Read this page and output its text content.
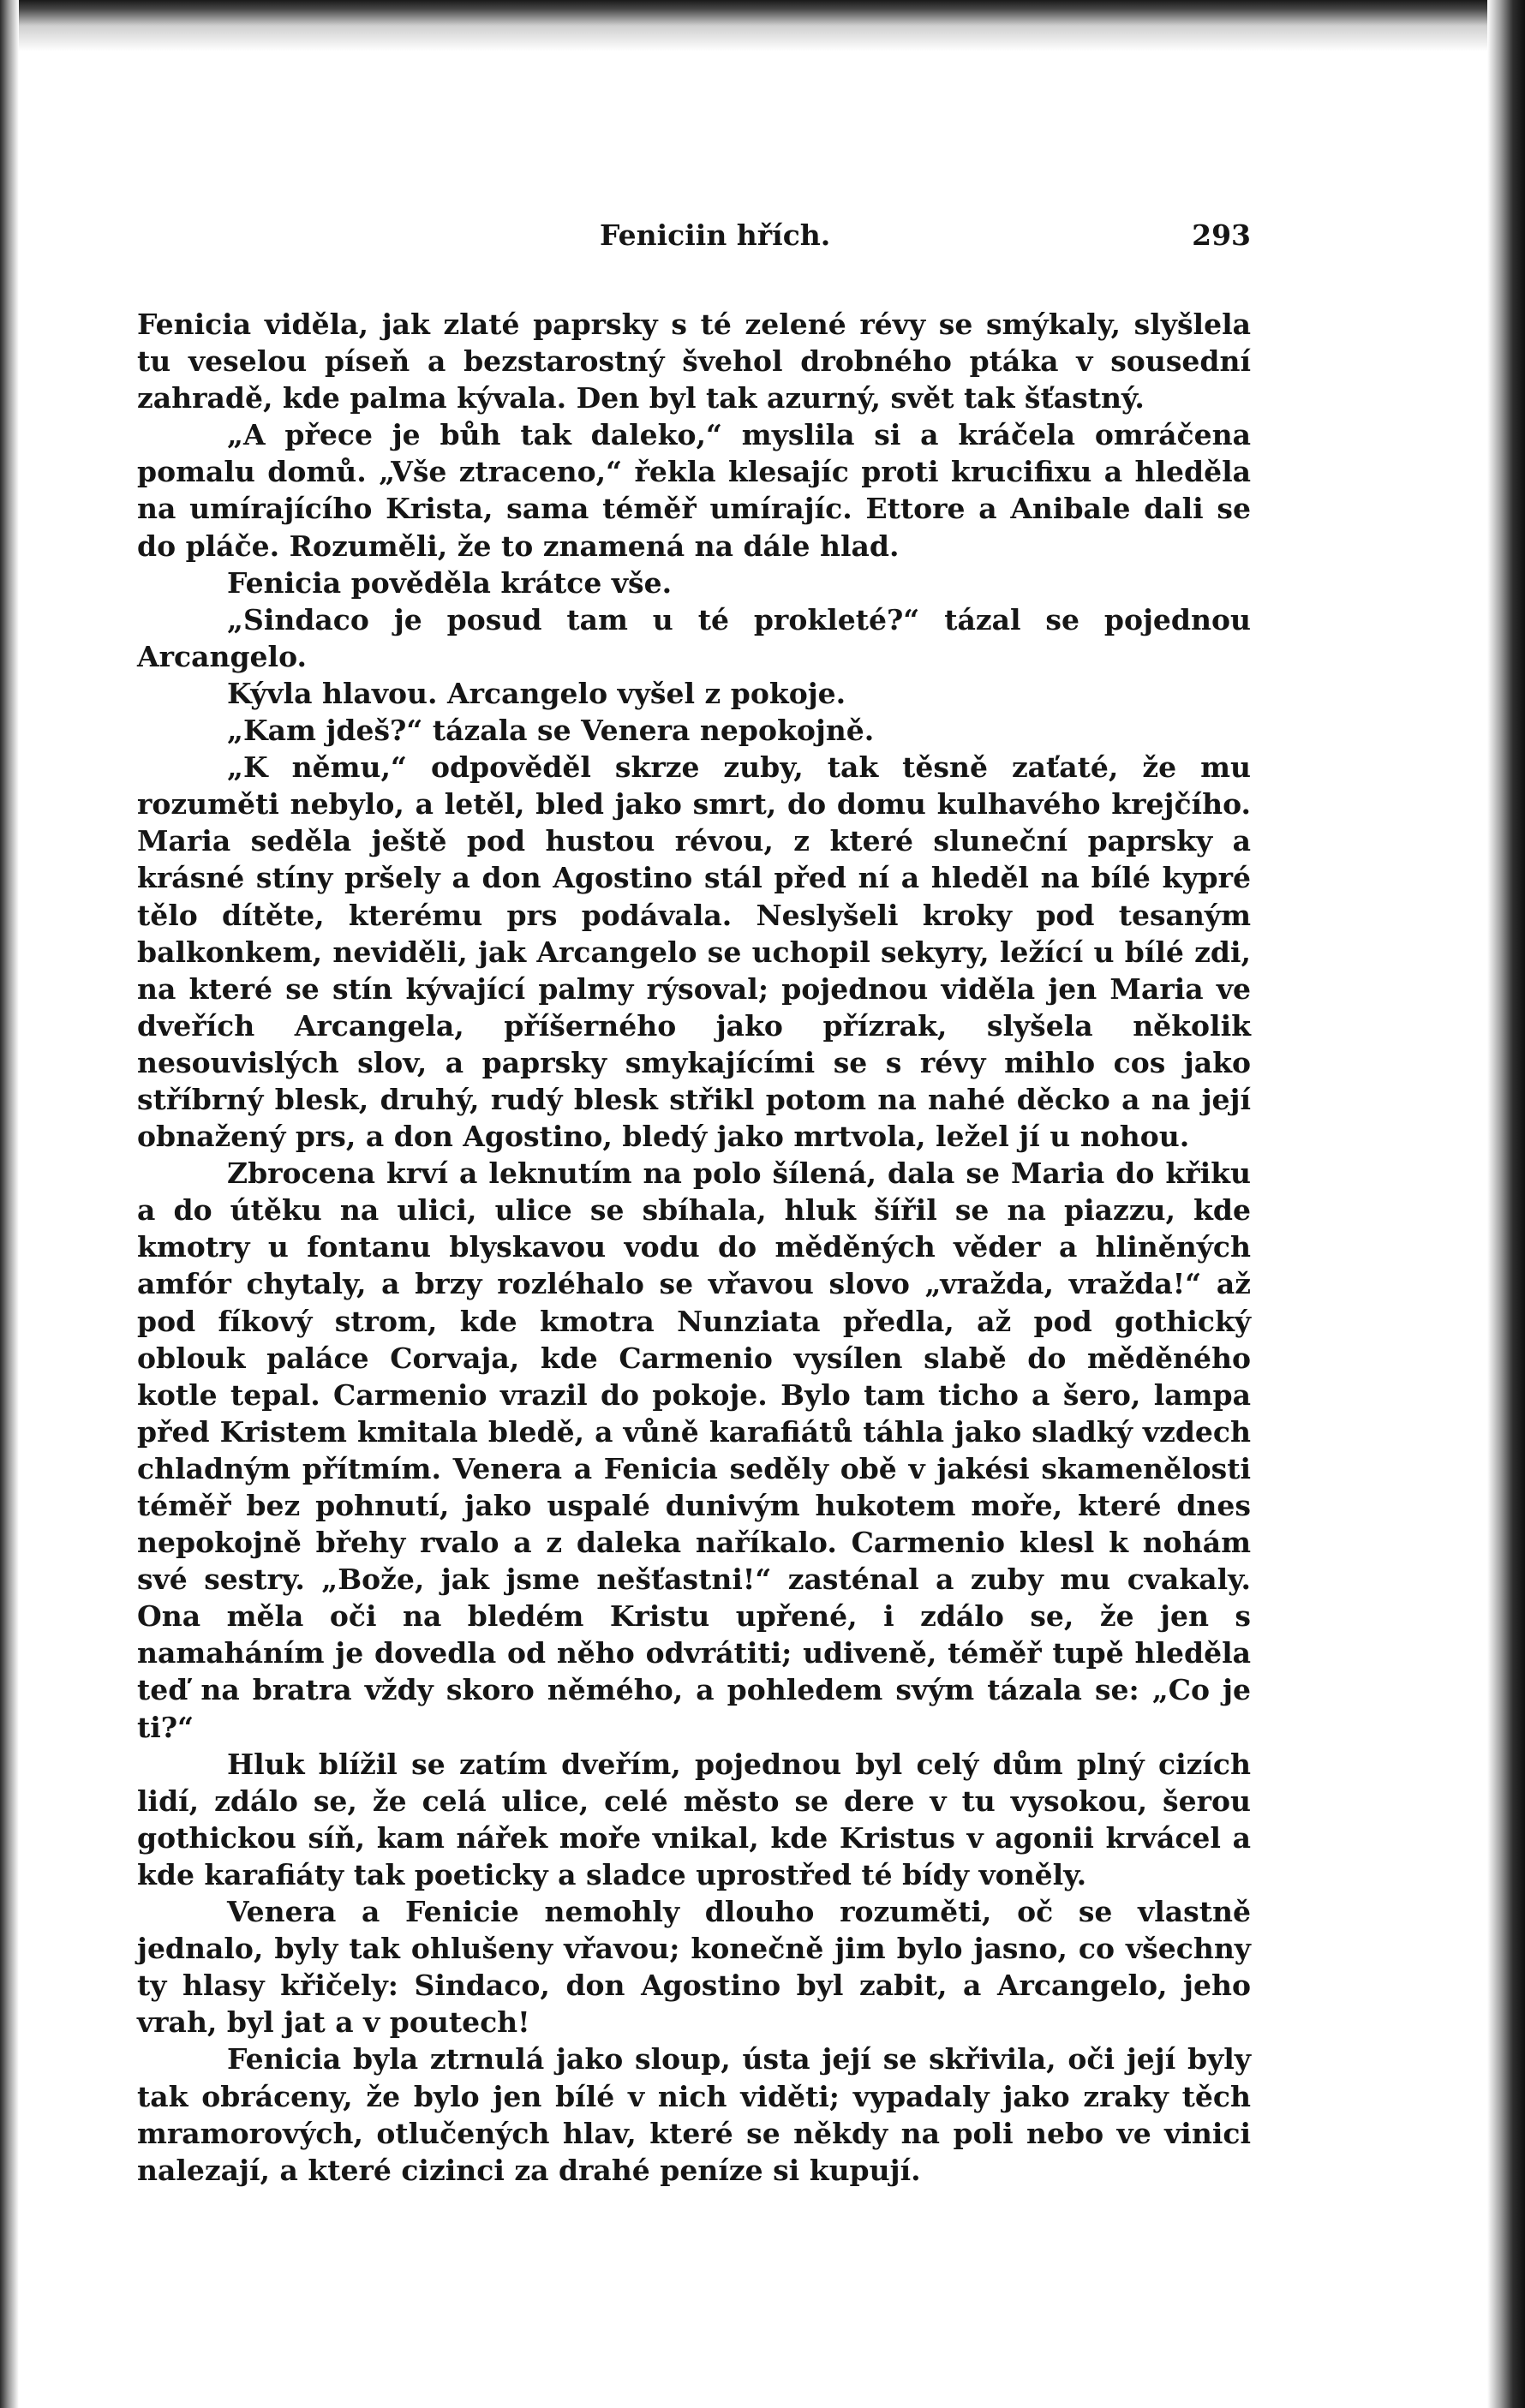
Feniciin hřích.	293

Fenicia viděla, jak zlaté paprsky s té zelené révy se smýkaly, slyšlela tu veselou píseň a bezstarostný švehol drobného ptáka v sousední zahradě, kde palma kývala. Den byl tak azurný, svět tak šťastný.

„A přece je bůh tak daleko,“ myslila si a kráčela omráčena pomalu domů. „Vše ztraceno,“ řekla klesajíc proti krucifixu a hleděla na umírajícího Krista, sama téměř umírajíc. Ettore a Anibale dali se do pláče. Rozuměli, že to znamená na dále hlad.

Fenicia pověděla krátce vše.

„Sindaco je posud tam u té prokleté?“ tázal se pojednou Arcangelo.

Kývla hlavou. Arcangelo vyšel z pokoje.

„Kam jdeš?“ tázala se Venera nepokojně.

„K němu,“ odpověděl skrze zuby, tak těsně zaťaté, že mu rozuměti nebylo, a letěl, bled jako smrt, do domu kulhavého krejčího. Maria seděla ještě pod hustou révou, z které sluneční paprsky a krásné stíny pršely a don Agostino stál před ní a hleděl na bílé kypré tělo dítěte, kterému prs podávala. Neslyšeli kroky pod tesaným balkonkem, neviděli, jak Arcangelo se uchopil sekyry, ležící u bílé zdi, na které se stín kývající palmy rýsoval; pojednou viděla jen Maria ve dveřích Arcangela, příšerného jako přízrak, slyšela několik nesouvislých slov, a paprsky smykajícími se s révy mihlo cos jako stříbrný blesk, druhý, rudý blesk střikl potom na nahé děcko a na její obnažený prs, a don Agostino, bledý jako mrtvola, ležel jí u nohou.

Zbrocena krví a leknutím na polo šílená, dala se Maria do křiku a do útěku na ulici, ulice se sbíhala, hluk šířil se na piazzu, kde kmotry u fontanu blyskavou vodu do měděných věder a hliněných amfór chytaly, a brzy rozléhalo se vřavou slovo „vražda, vražda!“ až pod fíkový strom, kde kmotra Nunziata předla, až pod gothický oblouk paláce Corvaja, kde Carmenio vysílen slabě do měděného kotle tepal. Carmenio vrazil do pokoje. Bylo tam ticho a šero, lampa před Kristem kmitala bledě, a vůně karafiátů táhla jako sladký vzdech chladným přítmím. Venera a Fenicia seděly obě v jakési skamenělosti téměř bez pohnutí, jako uspalé dunivým hukotem moře, které dnes nepokojně břehy rvalo a z daleka naříkalo. Carmenio klesl k nohám své sestry. „Bože, jak jsme nešťastni!“ zasténal a zuby mu cvakaly. Ona měla oči na bledém Kristu upřené, i zdálo se, že jen s namaháním je dovedla od něho odvrátiti; udiveně, téměř tupě hleděla teď na bratra vždy skoro němého, a pohledem svým tázala se: „Co je ti?“

Hluk blížil se zatím dveřím, pojednou byl celý dům plný cizích lidí, zdálo se, že celá ulice, celé město se dere v tu vysokou, šerou gothickou síň, kam nářek moře vnikal, kde Kristus v agonii krvácel a kde karafiáty tak poeticky a sladce uprostřed té bídy voněly.

Venera a Fenicie nemohly dlouho rozuměti, oč se vlastně jednalo, byly tak ohlušeny vřavou; konečně jim bylo jasno, co všechny ty hlasy křičely: Sindaco, don Agostino byl zabit, a Arcangelo, jeho vrah, byl jat a v poutech!

Fenicia byla ztrnulá jako sloup, ústa její se skřivila, oči její byly tak obráceny, že bylo jen bílé v nich viděti; vypadaly jako zraky těch mramorových, otlučených hlav, které se někdy na poli nebo ve vinici nalezají, a které cizinci za drahé peníze si kupují.
